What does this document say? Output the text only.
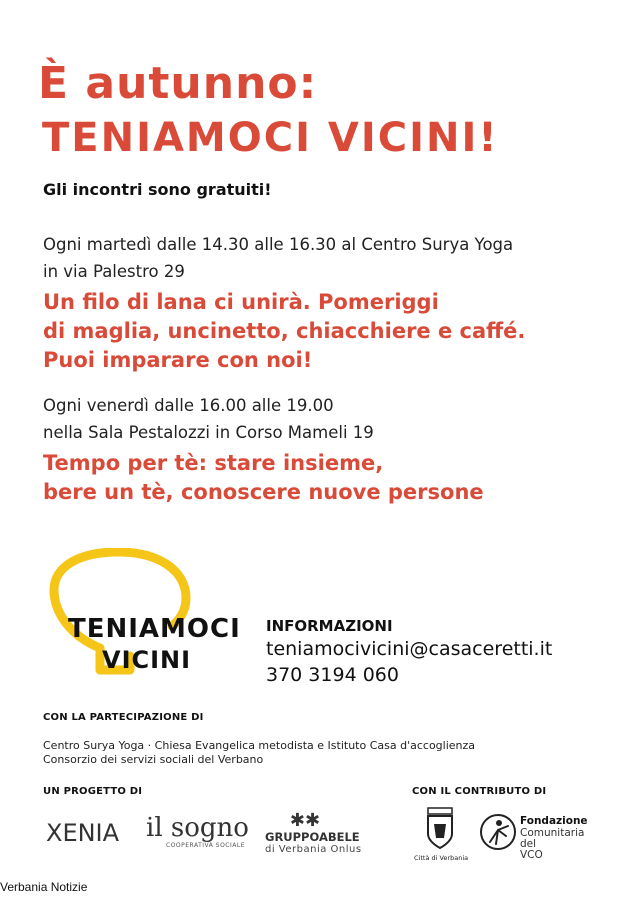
È autunno:
TENIAMOCI VICINI!
Gli incontri sono gratuiti!
Ogni martedì dalle 14.30 alle 16.30 al Centro Surya Yoga
in via Palestro 29
Un filo di lana ci unirà. Pomeriggi
di maglia, uncinetto, chiacchiere e caffé.
Puoi imparare con noi!
Ogni venerdì dalle 16.00 alle 19.00
nella Sala Pestalozzi in Corso Mameli 19
Tempo per tè: stare insieme,
bere un tè, conoscere nuove persone
TENIAMOCI
VICINI
INFORMAZIONI
teniamocivicini@casaceretti.it
370 3194 060
CON LA PARTECIPAZIONE DI
Centro Surya Yoga · Chiesa Evangelica metodista e Istituto Casa d'accoglienza
Consorzio dei servizi sociali del Verbano
UN PROGETTO DI
XENIA il sogno
COOPERATIVA SOCIALE
✱✱
GRUPPOABELE
di Verbania Onlus
CON IL CONTRIBUTO DI
Città di Verbania
Fondazione
Comunitaria
del VCO
Verbania Notizie
